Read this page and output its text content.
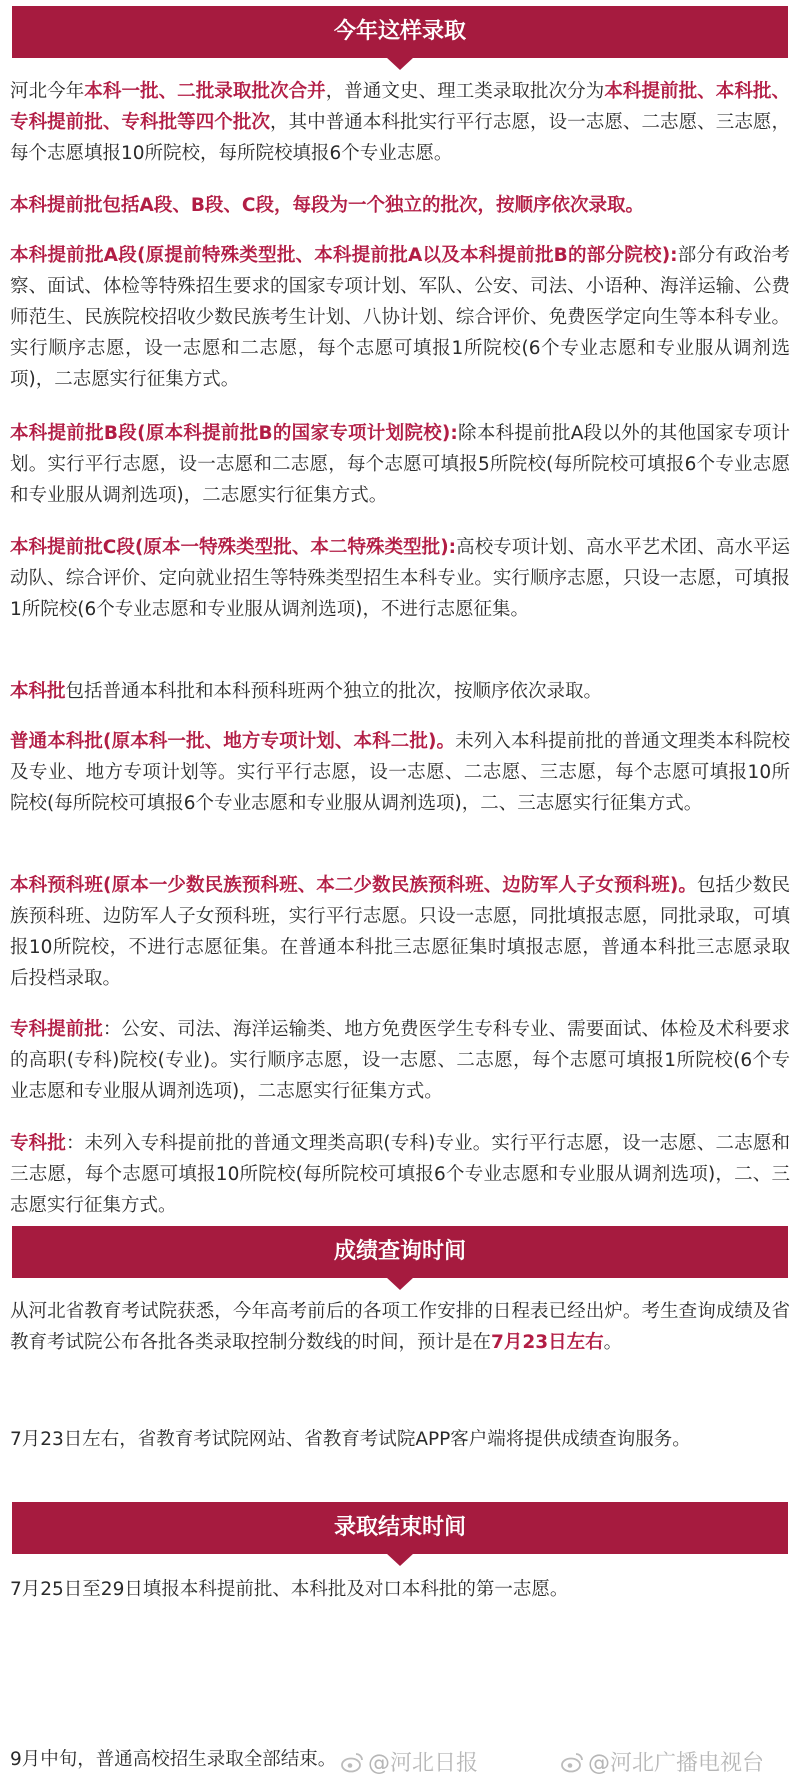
今年这样录取

河北今年本科一批、二批录取批次合并，普通文史、理工类录取批次分为本科提前批、本科批、专科提前批、专科批等四个批次，其中普通本科批实行平行志愿，设一志愿、二志愿、三志愿，每个志愿填报10所院校，每所院校填报6个专业志愿。

本科提前批包括A段、B段、C段，每段为一个独立的批次，按顺序依次录取。

本科提前批A段(原提前特殊类型批、本科提前批A以及本科提前批B的部分院校):部分有政治考察、面试、体检等特殊招生要求的国家专项计划、军队、公安、司法、小语种、海洋运输、公费师范生、民族院校招收少数民族考生计划、八协计划、综合评价、免费医学定向生等本科专业。实行顺序志愿，设一志愿和二志愿，每个志愿可填报1所院校(6个专业志愿和专业服从调剂选项)，二志愿实行征集方式。

本科提前批B段(原本科提前批B的国家专项计划院校):除本科提前批A段以外的其他国家专项计划。实行平行志愿，设一志愿和二志愿，每个志愿可填报5所院校(每所院校可填报6个专业志愿和专业服从调剂选项)，二志愿实行征集方式。

本科提前批C段(原本一特殊类型批、本二特殊类型批):高校专项计划、高水平艺术团、高水平运动队、综合评价、定向就业招生等特殊类型招生本科专业。实行顺序志愿，只设一志愿，可填报1所院校(6个专业志愿和专业服从调剂选项)，不进行志愿征集。

本科批包括普通本科批和本科预科班两个独立的批次，按顺序依次录取。

普通本科批(原本科一批、地方专项计划、本科二批)。未列入本科提前批的普通文理类本科院校及专业、地方专项计划等。实行平行志愿，设一志愿、二志愿、三志愿，每个志愿可填报10所院校(每所院校可填报6个专业志愿和专业服从调剂选项)，二、三志愿实行征集方式。

本科预科班(原本一少数民族预科班、本二少数民族预科班、边防军人子女预科班)。包括少数民族预科班、边防军人子女预科班，实行平行志愿。只设一志愿，同批填报志愿，同批录取，可填报10所院校，不进行志愿征集。在普通本科批三志愿征集时填报志愿，普通本科批三志愿录取后投档录取。

专科提前批：公安、司法、海洋运输类、地方免费医学生专科专业、需要面试、体检及术科要求的高职(专科)院校(专业)。实行顺序志愿，设一志愿、二志愿，每个志愿可填报1所院校(6个专业志愿和专业服从调剂选项)，二志愿实行征集方式。

专科批：未列入专科提前批的普通文理类高职(专科)专业。实行平行志愿，设一志愿、二志愿和三志愿，每个志愿可填报10所院校(每所院校可填报6个专业志愿和专业服从调剂选项)，二、三志愿实行征集方式。

成绩查询时间

从河北省教育考试院获悉，今年高考前后的各项工作安排的日程表已经出炉。考生查询成绩及省教育考试院公布各批各类录取控制分数线的时间，预计是在7月23日左右。

7月23日左右，省教育考试院网站、省教育考试院APP客户端将提供成绩查询服务。

录取结束时间

7月25日至29日填报本科提前批、本科批及对口本科批的第一志愿。

9月中旬，普通高校招生录取全部结束。	@河北日报	@河北广播电视台
